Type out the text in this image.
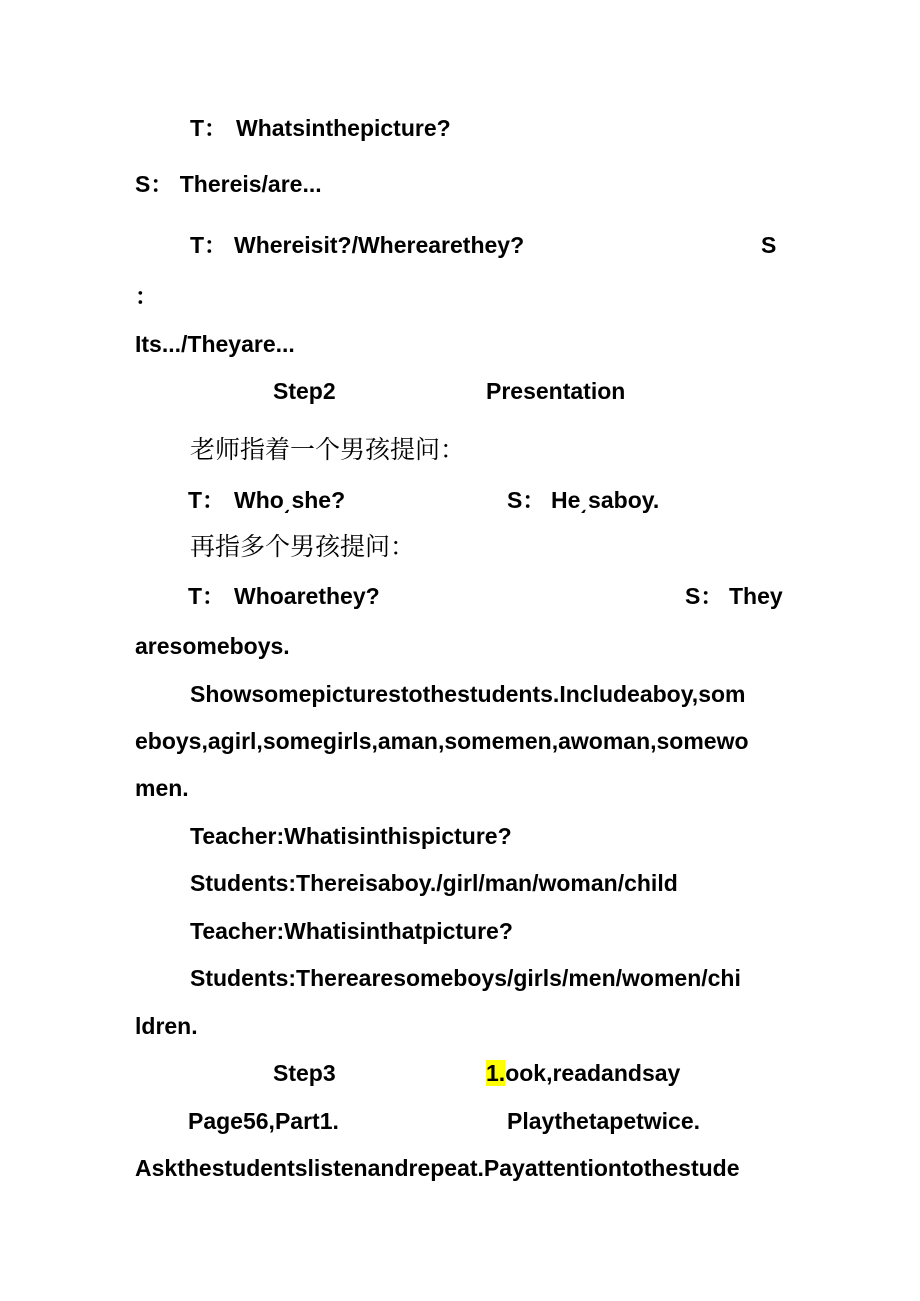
T： Whatsinthepicture?
S： Thereis/are...
T： Whereisit?/Wherearethey?	S
：
Its.../Theyare...
Step2	Presentation
老师指着一个男孩提问：
T： Who͵she?	S： He͵saboy.
再指多个男孩提问：
T： Whoarethey?	S： They
aresomeboys.
Showsomepicturestothestudents.Includeaboy,som
eboys,agirl,somegirls,aman,somemen,awoman,somewo
men.
Teacher:Whatisinthispicture?
Students:Thereisaboy./girl/man/woman/child
Teacher:Whatisinthatpicture?
Students:Therearesomeboys/girls/men/women/chi
ldren.
Step3	1.ook,readandsay
Page56,Part1.	Playthetapetwice.
Askthestudentslistenandrepeat.Payattentiontothestude
